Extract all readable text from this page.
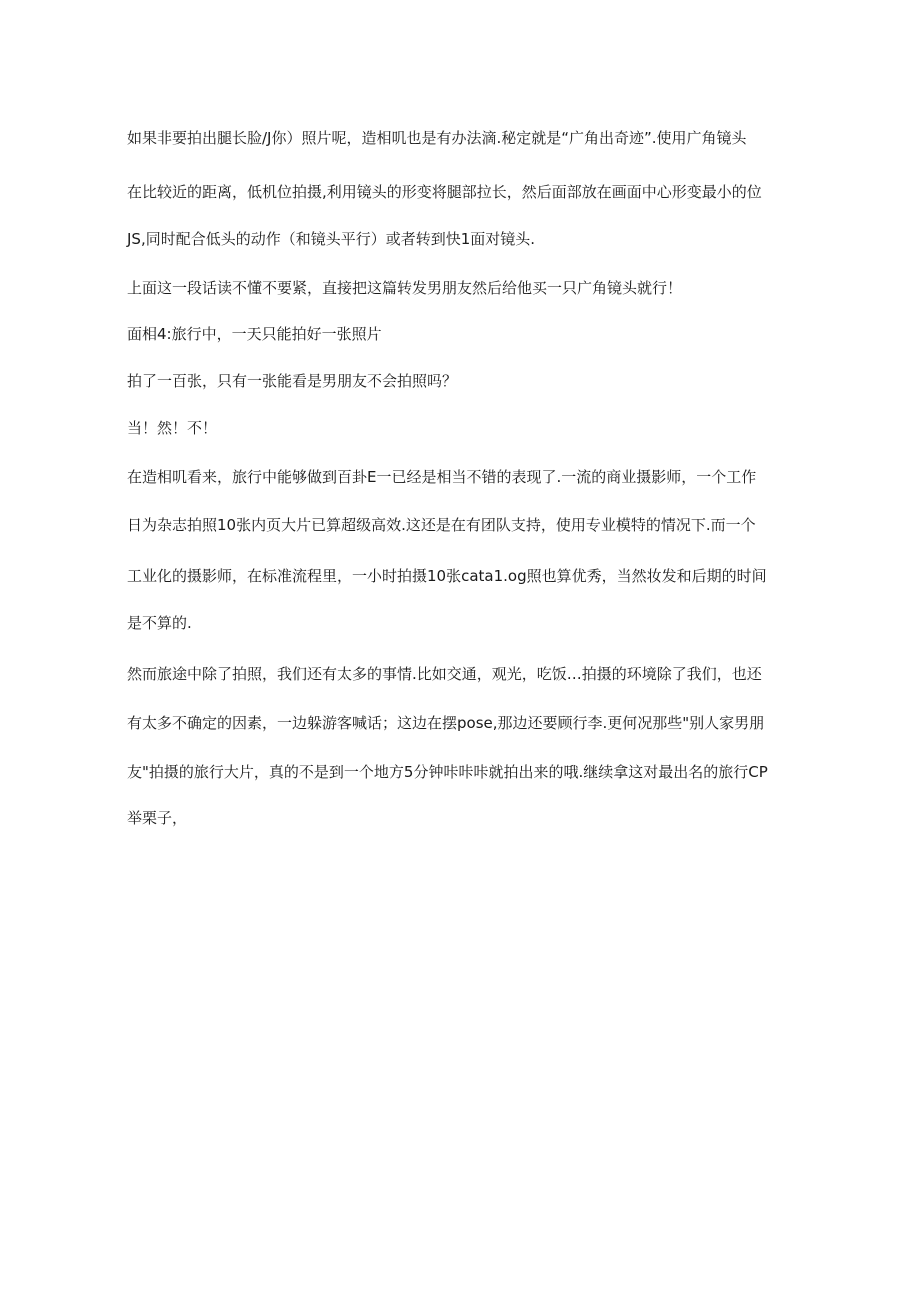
如果非要拍出腿长脸/J你）照片呢，造相叽也是有办法滴.秘定就是“广角出奇迹”.使用广角镜头
在比较近的距离，低机位拍摄,利用镜头的形变将腿部拉长，然后面部放在画面中心形变最小的位
JS,同时配合低头的动作（和镜头平行）或者转到快1面对镜头.
上面这一段话读不懂不要紧，直接把这篇转发男朋友然后给他买一只广角镜头就行！
面相4:旅行中，一天只能拍好一张照片
拍了一百张，只有一张能看是男朋友不会拍照吗？
当！然！不！
在造相叽看来，旅行中能够做到百卦E一已经是相当不错的表现了.一流的商业摄影师，一个工作
日为杂志拍照10张内页大片已算超级高效.这还是在有团队支持，使用专业模特的情况下.而一个
工业化的摄影师，在标准流程里，一小时拍摄10张cata1.og照也算优秀，当然妆发和后期的时间
是不算的.
然而旅途中除了拍照，我们还有太多的事情.比如交通，观光，吃饭…拍摄的环境除了我们，也还
有太多不确定的因素，一边躲游客喊话；这边在摆pose,那边还要顾行李.更何况那些"别人家男朋
友"拍摄的旅行大片，真的不是到一个地方5分钟咔咔咔就拍出来的哦.继续拿这对最出名的旅行CP
举栗子，
